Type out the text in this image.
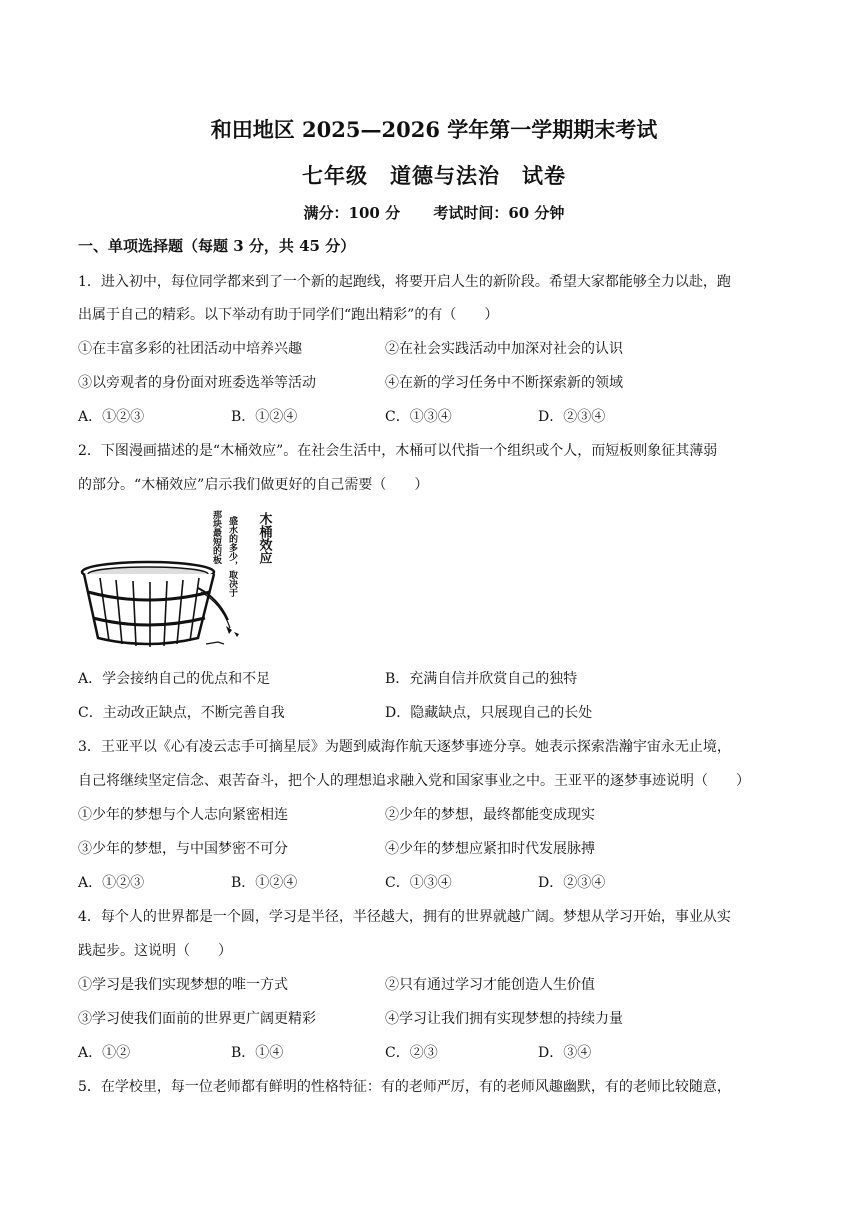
和田地区 2025—2026 学年第一学期期末考试
七年级　道德与法治　试卷
满分：100 分 考试时间：60 分钟
一、单项选择题（每题 3 分，共 45 分）
1．进入初中，每位同学都来到了一个新的起跑线，将要开启人生的新阶段。希望大家都能够全力以赴，跑
出属于自己的精彩。以下举动有助于同学们“跑出精彩”的有（　　）
①在丰富多彩的社团活动中培养兴趣	②在社会实践活动中加深对社会的认识
③以旁观者的身份面对班委选举等活动	④在新的学习任务中不断探索新的领域
A．①②③	B．①②④	C．①③④	D．②③④
2．下图漫画描述的是“木桶效应”。在社会生活中，木桶可以代指一个组织或个人，而短板则象征其薄弱
的部分。“木桶效应”启示我们做更好的自己需要（　　）
木桶效应
盛水的多少，取决于
那块最短的板
A．学会接纳自己的优点和不足	B．充满自信并欣赏自己的独特
C．主动改正缺点，不断完善自我	D．隐藏缺点，只展现自己的长处
3．王亚平以《心有凌云志手可摘星辰》为题到威海作航天逐梦事迹分享。她表示探索浩瀚宇宙永无止境，
自己将继续坚定信念、艰苦奋斗，把个人的理想追求融入党和国家事业之中。王亚平的逐梦事迹说明（　　）
①少年的梦想与个人志向紧密相连	②少年的梦想，最终都能变成现实
③少年的梦想，与中国梦密不可分	④少年的梦想应紧扣时代发展脉搏
A．①②③	B．①②④	C．①③④	D．②③④
4．每个人的世界都是一个圆，学习是半径，半径越大，拥有的世界就越广阔。梦想从学习开始，事业从实
践起步。这说明（　　）
①学习是我们实现梦想的唯一方式	②只有通过学习才能创造人生价值
③学习使我们面前的世界更广阔更精彩	④学习让我们拥有实现梦想的持续力量
A．①②	B．①④	C．②③	D．③④
5．在学校里，每一位老师都有鲜明的性格特征：有的老师严厉，有的老师风趣幽默，有的老师比较随意，
